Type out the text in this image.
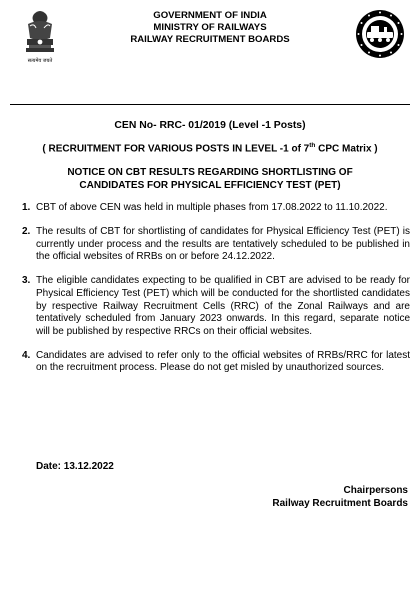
सत्यमेव जयते
GOVERNMENT OF INDIA
MINISTRY OF RAILWAYS
RAILWAY RECRUITMENT BOARDS
CEN No- RRC- 01/2019 (Level -1 Posts)
( RECRUITMENT FOR VARIOUS POSTS IN LEVEL -1 of 7th CPC Matrix )
NOTICE ON CBT RESULTS REGARDING SHORTLISTING OF
CANDIDATES FOR PHYSICAL EFFICIENCY TEST (PET)
1. CBT of above CEN was held in multiple phases from 17.08.2022 to 11.10.2022.
2. The results of CBT for shortlisting of candidates for Physical Efficiency Test (PET) is currently under process and the results are tentatively scheduled to be published in the official websites of RRBs on or before 24.12.2022.
3. The eligible candidates expecting to be qualified in CBT are advised to be ready for Physical Efficiency Test (PET) which will be conducted for the shortlisted candidates by respective Railway Recruitment Cells (RRC) of the Zonal Railways and are tentatively scheduled from January 2023 onwards. In this regard, separate notice will be published by respective RRCs on their official websites.
4. Candidates are advised to refer only to the official websites of RRBs/RRC for latest on the recruitment process. Please do not get misled by unauthorized sources.
Date: 13.12.2022
Chairpersons
Railway Recruitment Boards
